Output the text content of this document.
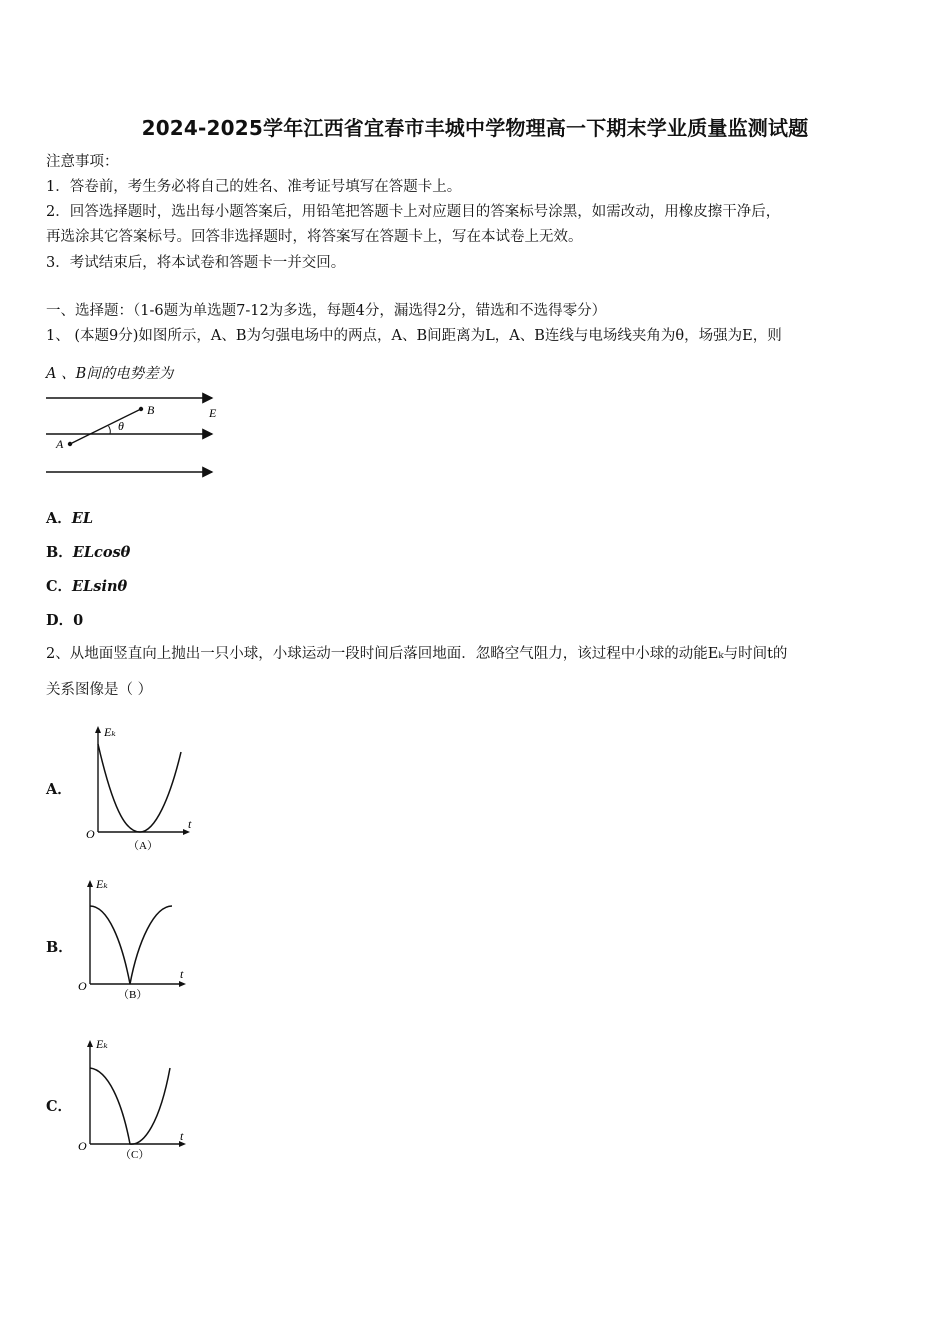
2024-2025学年江西省宜春市丰城中学物理高一下期末学业质量监测试题
注意事项：
1．答卷前，考生务必将自己的姓名、准考证号填写在答题卡上。
2．回答选择题时，选出每小题答案后，用铅笔把答题卡上对应题目的答案标号涂黑，如需改动，用橡皮擦干净后，
再选涂其它答案标号。回答非选择题时，将答案写在答题卡上，写在本试卷上无效。
3．考试结束后，将本试卷和答题卡一并交回。
一、选择题：（1-6题为单选题7-12为多选，每题4分，漏选得2分，错选和不选得零分）
1、 (本题9分)如图所示，A、B为匀强电场中的两点，A、B间距离为L，A、B连线与电场线夹角为θ，场强为E，则
A 、B间的电势差为
A
B	E
θ
A．EL
B．ELcosθ
C．ELsinθ
D．0
2、从地面竖直向上抛出一只小球，小球运动一段时间后落回地面．忽略空气阻力，该过程中小球的动能Eₖ与时间t的
关系图像是（ ）
A．
Eₖ
t
O
（A）
B．
Eₖ
t
O
（B）
C．
Eₖ
t
O
（C）
